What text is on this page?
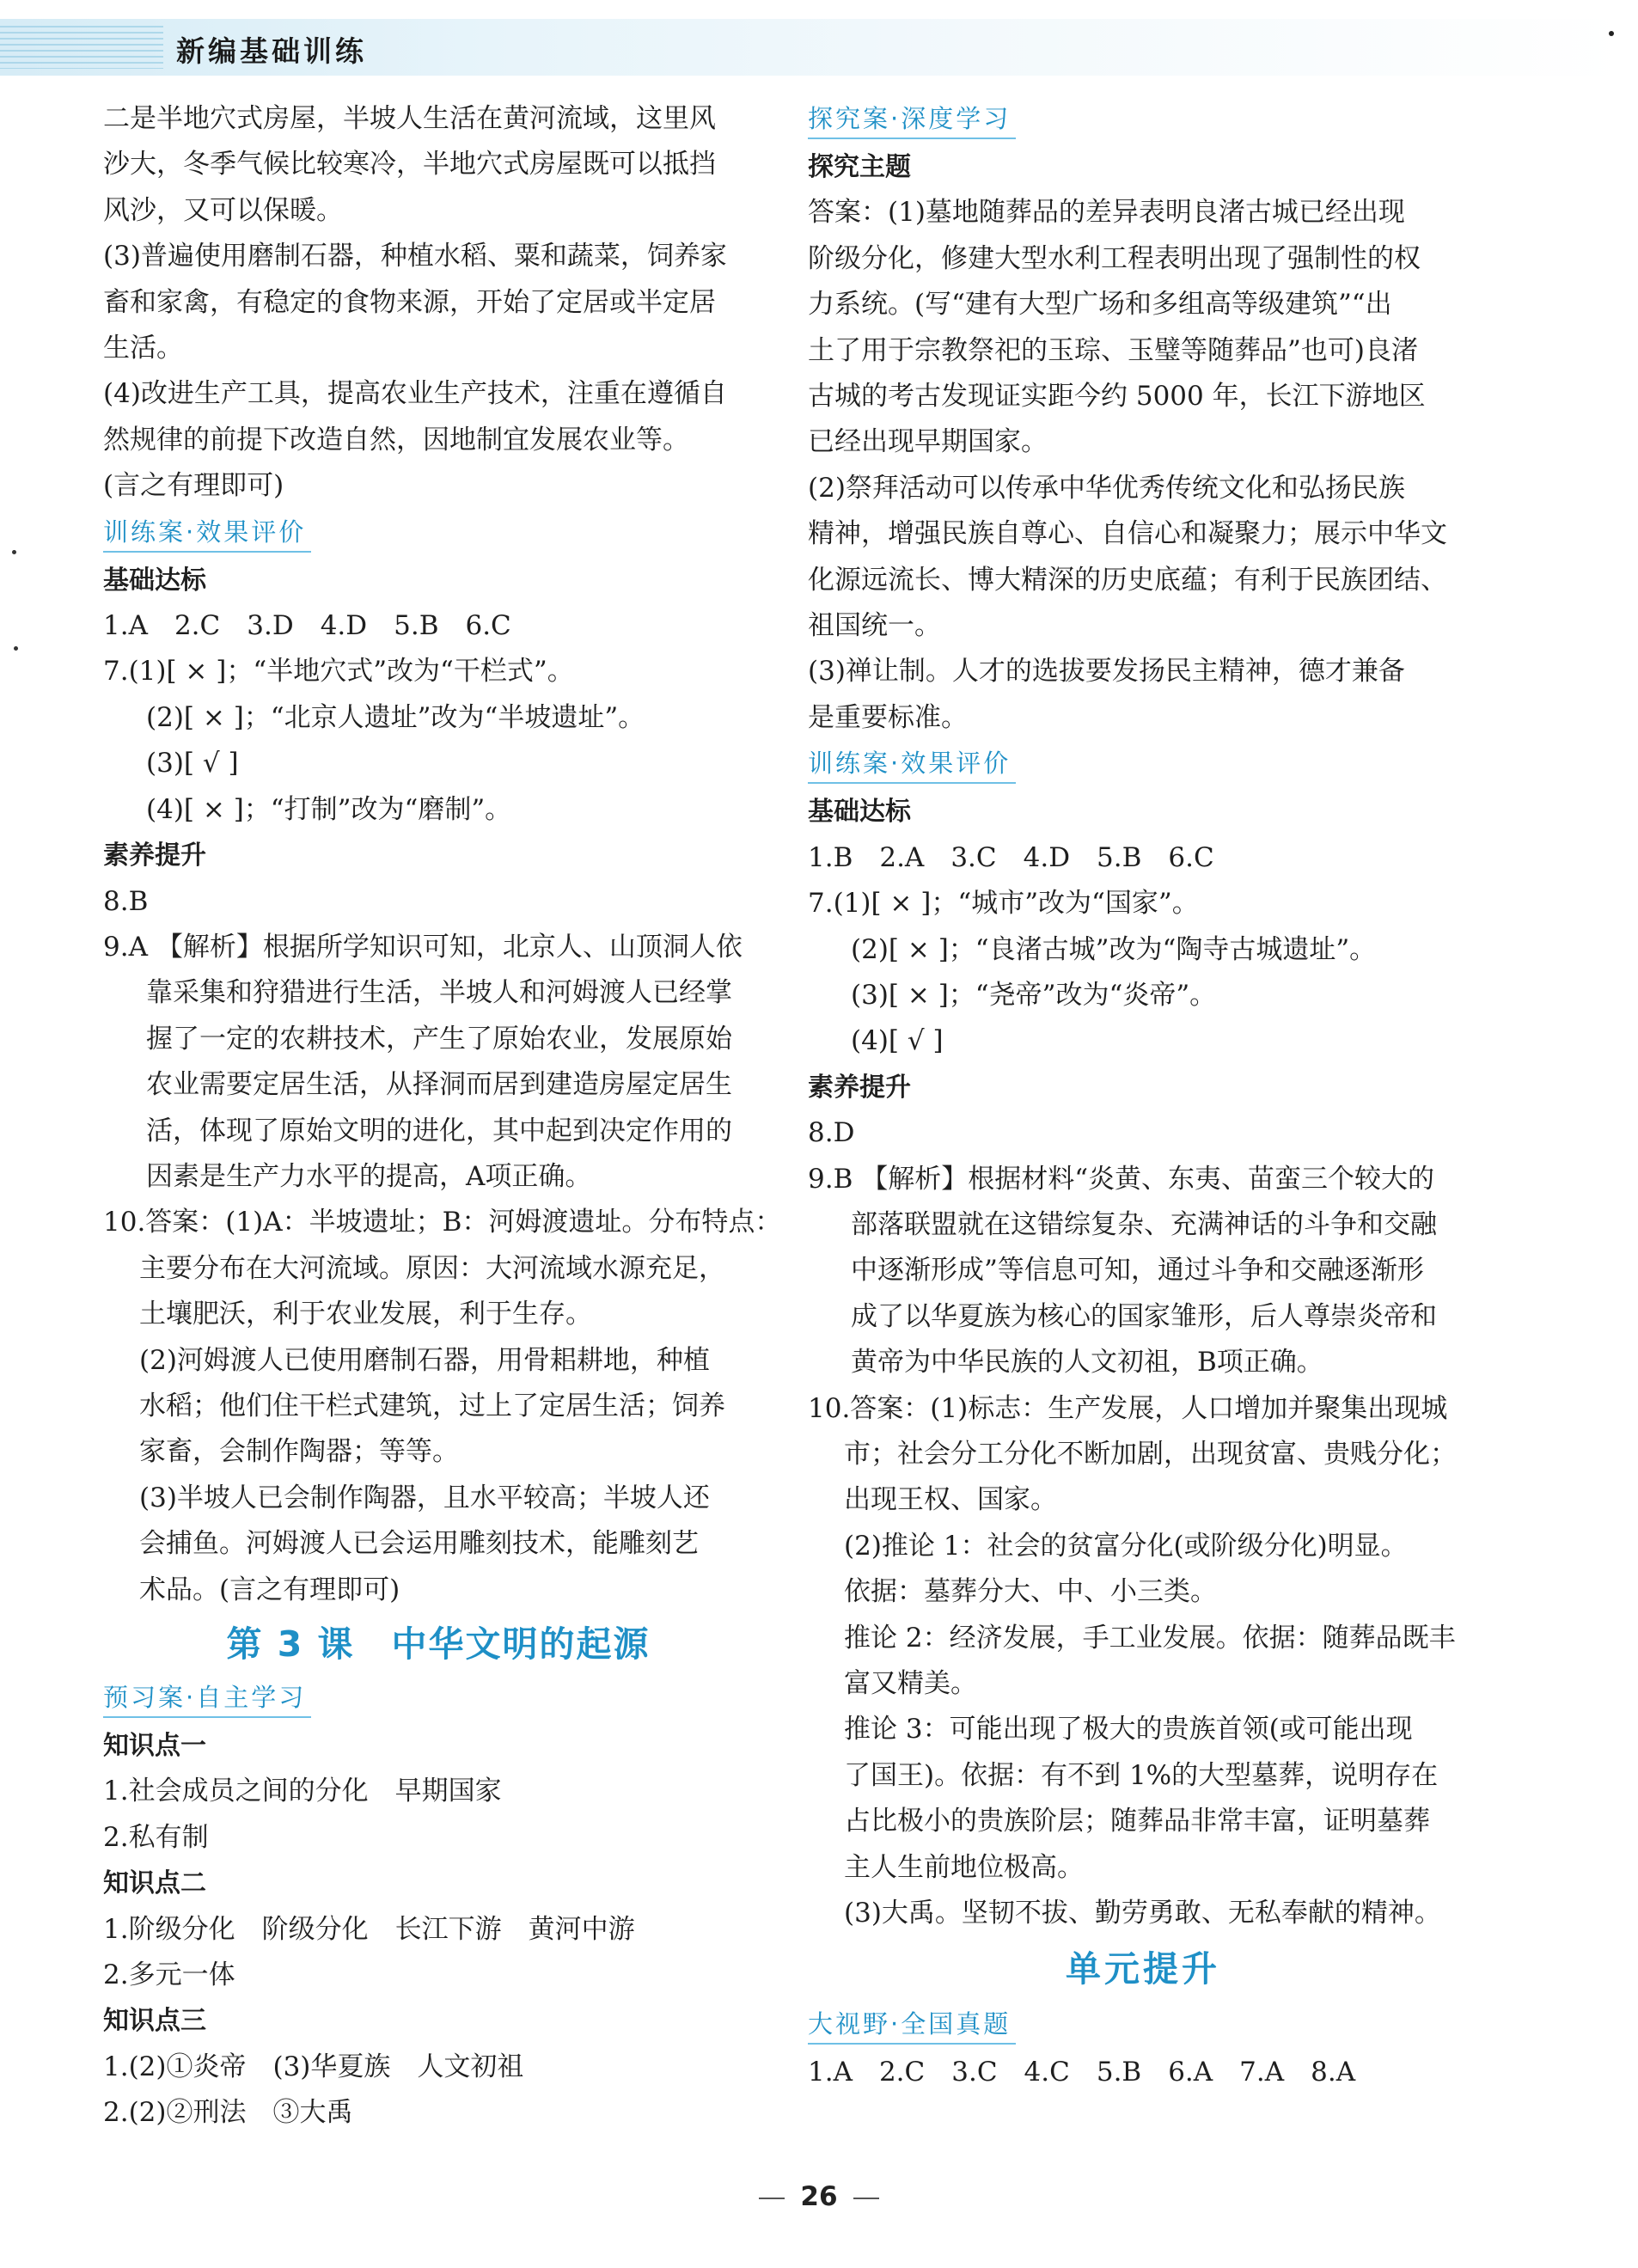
新编基础训练
二是半地穴式房屋，半坡人生活在黄河流域，这里风
沙大，冬季气候比较寒冷，半地穴式房屋既可以抵挡
风沙，又可以保暖。
(3)普遍使用磨制石器，种植水稻、粟和蔬菜，饲养家
畜和家禽，有稳定的食物来源，开始了定居或半定居
生活。
(4)改进生产工具，提高农业生产技术，注重在遵循自
然规律的前提下改造自然，因地制宜发展农业等。
(言之有理即可)
训练案·效果评价
基础达标
1.A　2.C　3.D　4.D　5.B　6.C
7.(1)[ × ]；“半地穴式”改为“干栏式”。
(2)[ × ]；“北京人遗址”改为“半坡遗址”。
(3)[ √ ]
(4)[ × ]；“打制”改为“磨制”。
素养提升
8.B
9.A 【解析】根据所学知识可知，北京人、山顶洞人依
靠采集和狩猎进行生活，半坡人和河姆渡人已经掌
握了一定的农耕技术，产生了原始农业，发展原始
农业需要定居生活，从择洞而居到建造房屋定居生
活，体现了原始文明的进化，其中起到决定作用的
因素是生产力水平的提高，A项正确。
10.答案：(1)A：半坡遗址；B：河姆渡遗址。分布特点：
主要分布在大河流域。原因：大河流域水源充足，
土壤肥沃，利于农业发展，利于生存。
(2)河姆渡人已使用磨制石器，用骨耜耕地，种植
水稻；他们住干栏式建筑，过上了定居生活；饲养
家畜，会制作陶器；等等。
(3)半坡人已会制作陶器，且水平较高；半坡人还
会捕鱼。河姆渡人已会运用雕刻技术，能雕刻艺
术品。(言之有理即可)
第 3 课　中华文明的起源
预习案·自主学习
知识点一
1.社会成员之间的分化　早期国家
2.私有制
知识点二
1.阶级分化　阶级分化　长江下游　黄河中游
2.多元一体
知识点三
1.(2)①炎帝　(3)华夏族　人文初祖
2.(2)②刑法　③大禹
探究案·深度学习
探究主题
答案：(1)墓地随葬品的差异表明良渚古城已经出现
阶级分化，修建大型水利工程表明出现了强制性的权
力系统。(写“建有大型广场和多组高等级建筑”“出
土了用于宗教祭祀的玉琮、玉璧等随葬品”也可)良渚
古城的考古发现证实距今约 5000 年，长江下游地区
已经出现早期国家。
(2)祭拜活动可以传承中华优秀传统文化和弘扬民族
精神，增强民族自尊心、自信心和凝聚力；展示中华文
化源远流长、博大精深的历史底蕴；有利于民族团结、
祖国统一。
(3)禅让制。人才的选拔要发扬民主精神，德才兼备
是重要标准。
训练案·效果评价
基础达标
1.B　2.A　3.C　4.D　5.B　6.C
7.(1)[ × ]；“城市”改为“国家”。
(2)[ × ]；“良渚古城”改为“陶寺古城遗址”。
(3)[ × ]；“尧帝”改为“炎帝”。
(4)[ √ ]
素养提升
8.D
9.B 【解析】根据材料“炎黄、东夷、苗蛮三个较大的
部落联盟就在这错综复杂、充满神话的斗争和交融
中逐渐形成”等信息可知，通过斗争和交融逐渐形
成了以华夏族为核心的国家雏形，后人尊崇炎帝和
黄帝为中华民族的人文初祖，B项正确。
10.答案：(1)标志：生产发展，人口增加并聚集出现城
市；社会分工分化不断加剧，出现贫富、贵贱分化；
出现王权、国家。
(2)推论 1：社会的贫富分化(或阶级分化)明显。
依据：墓葬分大、中、小三类。
推论 2：经济发展，手工业发展。依据：随葬品既丰
富又精美。
推论 3：可能出现了极大的贵族首领(或可能出现
了国王)。依据：有不到 1%的大型墓葬，说明存在
占比极小的贵族阶层；随葬品非常丰富，证明墓葬
主人生前地位极高。
(3)大禹。坚韧不拔、勤劳勇敢、无私奉献的精神。
单元提升
大视野·全国真题
1.A　2.C　3.C　4.C　5.B　6.A　7.A　8.A
26
